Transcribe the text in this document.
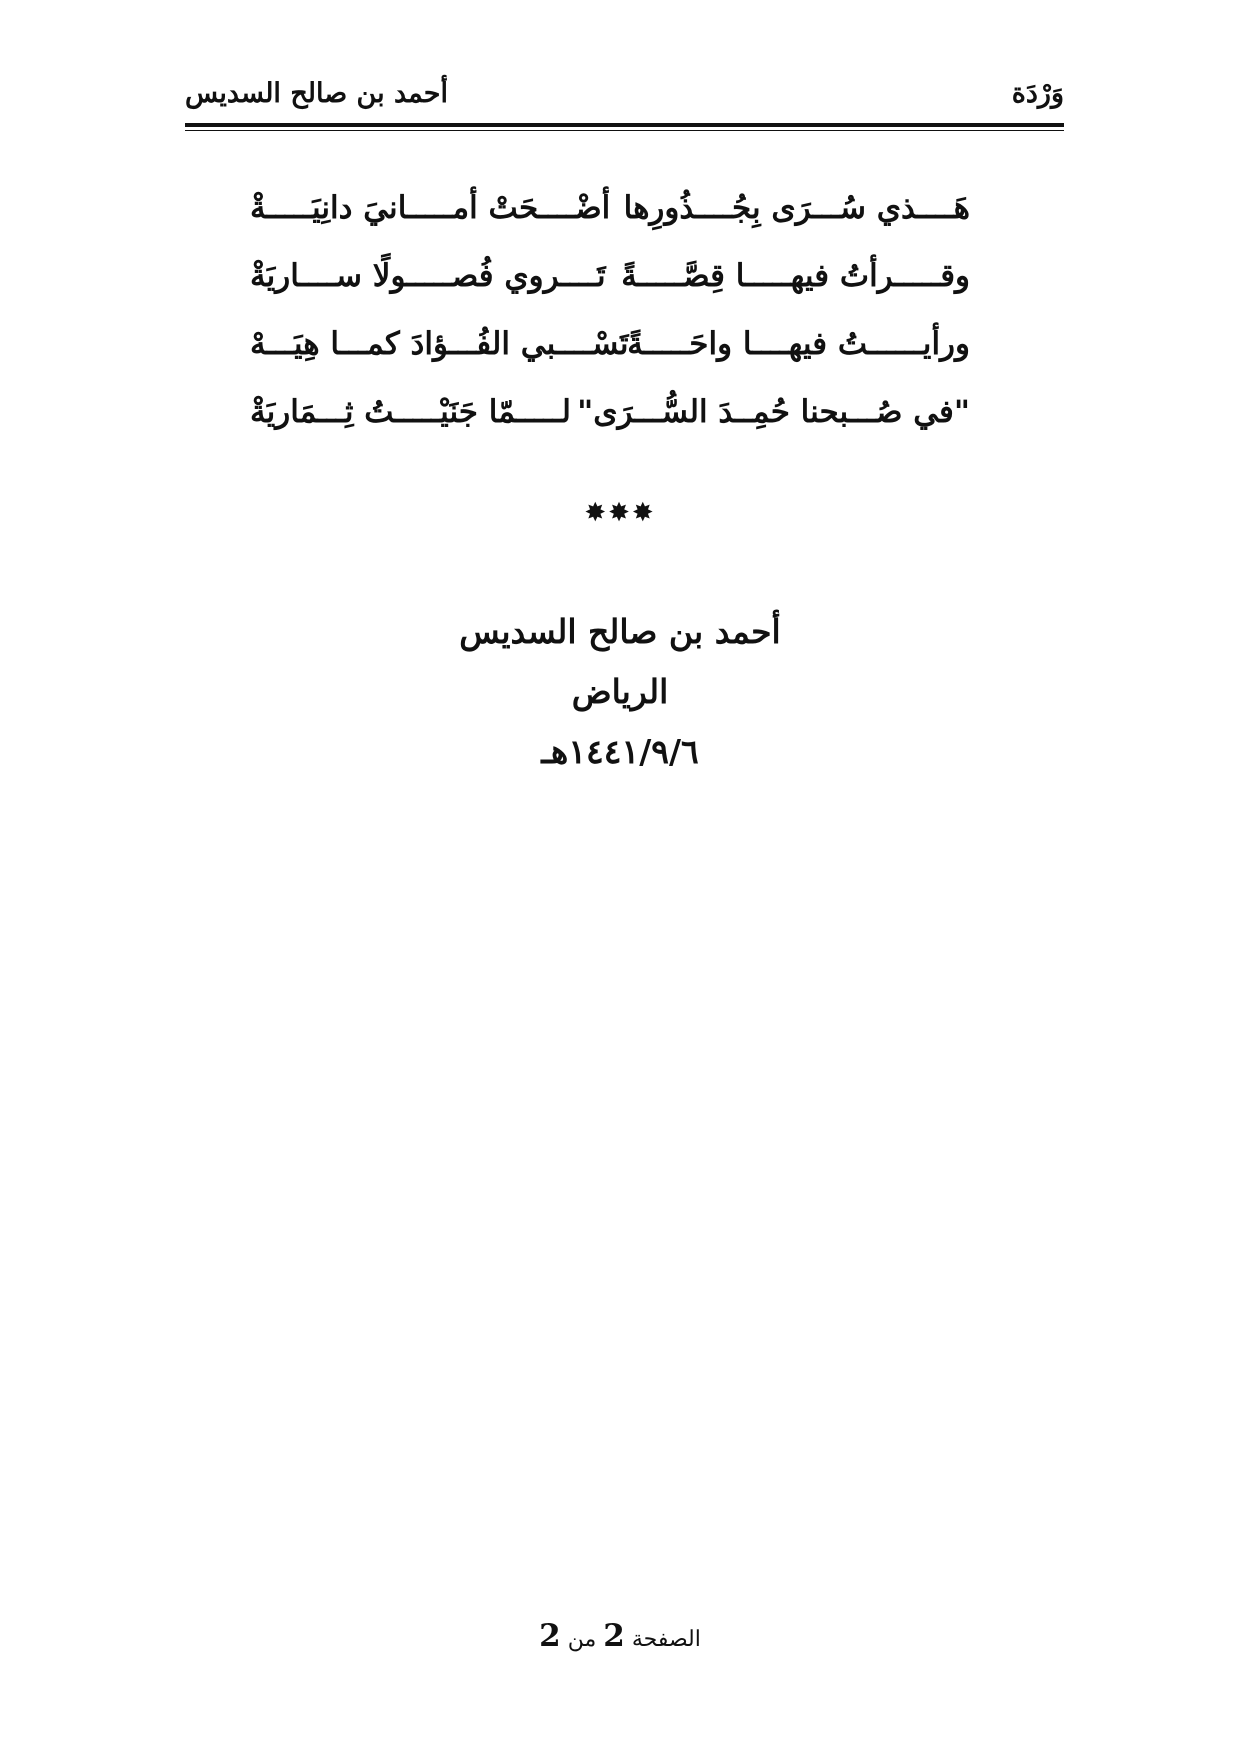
وَرْدَة
أحمد بن صالح السديس
هَــــذي سُـــرَى بِجُــــذُورِها
أضْــــحَتْ أمـــــانيَ دانِيَـــــةْ
وقـــــرأتُ فيهـــــا قِصَّـــــةً
تَــــروي فُصـــــولًا ســــاريَةْ
ورأيــــــتُ فيهــــا واحَـــــةً
تَسْــــبي الفُـــؤادَ كمـــا هِيَـــهْ
"في صُـــبحنا حُمِــدَ السُّـــرَى"
لـــــمّا جَنَيْـــــتُ ثِـــمَاريَةْ
✸✸✸
أحمد بن صالح السديس
الرياض
١٤٤١/٩/٦هـ
الصفحة 2 من 2
